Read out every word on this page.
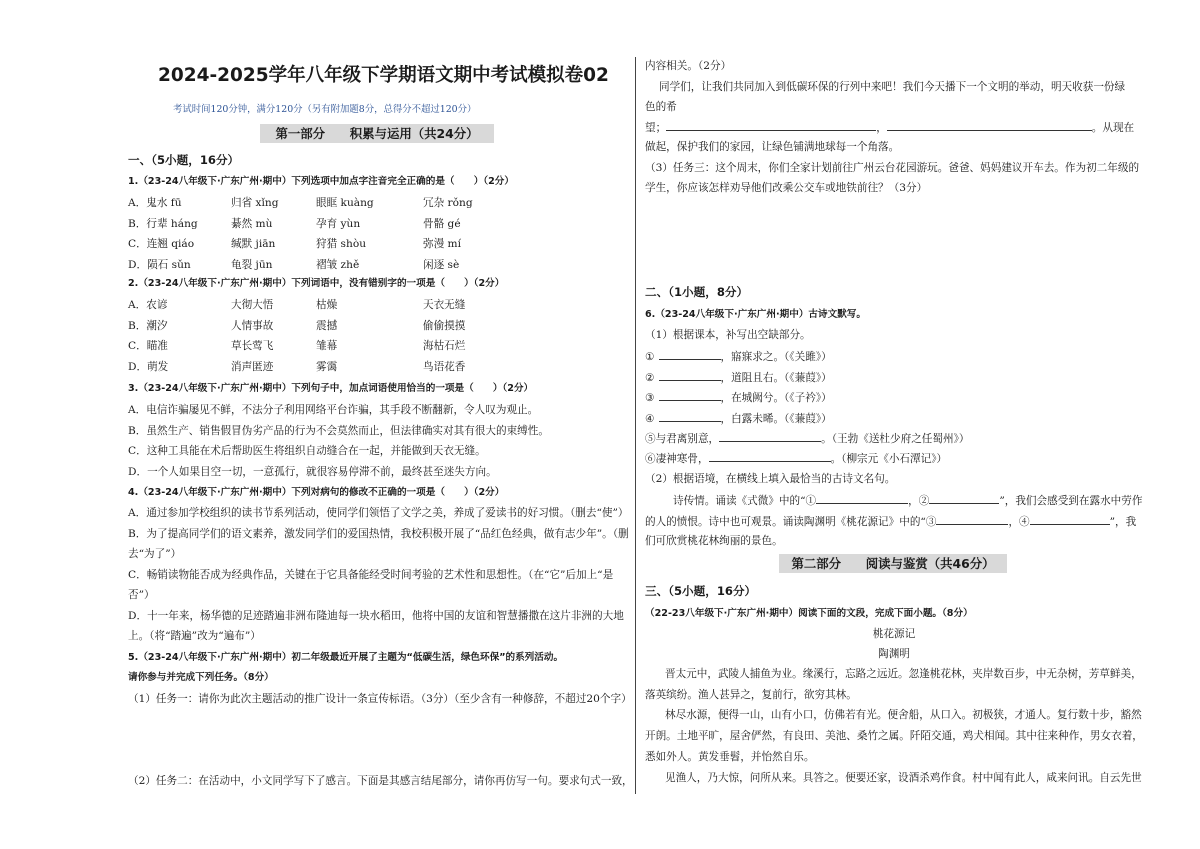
2024-2025学年八年级下学期语文期中考试模拟卷02
考试时间120分钟，满分120分（另有附加题8分，总得分不超过120分）
第一部分　　积累与运用（共24分）
一、（5小题，16分）
1.（23-24八年级下·广东广州·期中）下列选项中加点字注音完全正确的是（　　）（2分）
A．鬼水 fū	归省 xǐng	眼眶 kuàng	冗杂 rǒng
B．行辈 háng	綦然 mù	孕育 yùn	骨骼 gé
C．连翘 qiáo	缄默 jiān	狩猎 shòu	弥漫 mí
D．陨石 sǔn	龟裂 jūn	褶皱 zhě	闲逐 sè
2.（23-24八年级下·广东广州·期中）下列词语中，没有错别字的一项是（　　）（2分）
A．农谚	大彻大悟	枯燥	天衣无缝
B．潮汐	人情事故	震撼	偷偷摸摸
C．瞄准	草长莺飞	雏幕	海枯石烂
D．萌发	消声匿迹	雾霭	鸟语花香
3.（23-24八年级下·广东广州·期中）下列句子中，加点词语使用恰当的一项是（　　）（2分）
A．电信诈骗屡见不鲜，不法分子利用网络平台诈骗，其手段不断翻新，令人叹为观止。
B．虽然生产、销售假冒伪劣产品的行为不会莫然而止，但法律确实对其有很大的束缚性。
C．这种工具能在术后帮助医生将组织自动缝合在一起，并能做到天衣无缝。
D．一个人如果目空一切，一意孤行，就很容易停滞不前，最终甚至迷失方向。
4.（23-24八年级下·广东广州·期中）下列对病句的修改不正确的一项是（　　）（2分）
A．通过参加学校组织的读书节系列活动，使同学们领悟了文学之美，养成了爱读书的好习惯。（删去“使”）
B．为了提高同学们的语文素养，激发同学们的爱国热情，我校积极开展了“品红色经典，做有志少年”。（删
去“为了”）
C．畅销读物能否成为经典作品，关键在于它具备能经受时间考验的艺术性和思想性。（在“它”后加上“是
否”）
D．十一年来，杨华德的足迹踏遍非洲布隆迪每一块水稻田，他将中国的友谊和智慧播撒在这片非洲的大地
上。（将“踏遍”改为“遍布”）
5.（23-24八年级下·广东广州·期中）初二年级最近开展了主题为“低碳生活，绿色环保”的系列活动。
请你参与并完成下列任务。（8分）
（1）任务一：请你为此次主题活动的推广设计一条宣传标语。（3分）（至少含有一种修辞，不超过20个字）
（2）任务二：在活动中，小文同学写下了感言。下面是其感言结尾部分，请你再仿写一句。要求句式一致，
内容相关。（2分）
同学们，让我们共同加入到低碳环保的行列中来吧！我们今天播下一个文明的举动，明天收获一份绿
色的希
望；	，	。从现在
做起，保护我们的家园，让绿色铺满地球每一个角落。
（3）任务三：这个周末，你们全家计划前往广州云台花园游玩。爸爸、妈妈建议开车去。作为初二年级的
学生，你应该怎样劝导他们改乘公交车或地铁前往？（3分）
二、（1小题，8分）
6.（23-24八年级下·广东广州·期中）古诗文默写。
（1）根据课本，补写出空缺部分。
①	，寤寐求之。（《关雎》）
②	，道阻且右。（《蒹葭》）
③	，在城阙兮。（《子衿》）
④	，白露未晞。（《蒹葭》）
⑤与君离别意，	。（王勃《送杜少府之任蜀州》）
⑥凄神寒骨，	。（柳宗元《小石潭记》）
（2）根据语境，在横线上填入最恰当的古诗文名句。
诗传情。诵读《式微》中的“①	，②	”，我们会感受到在露水中劳作
的人的愤恨。诗中也可观景。诵读陶渊明《桃花源记》中的“③	，④	”，我
们可欣赏桃花林绚丽的景色。
第二部分　　阅读与鉴赏（共46分）
三、（5小题，16分）
（22-23八年级下·广东广州·期中）阅读下面的文段，完成下面小题。（8分）
桃花源记
陶渊明
晋太元中，武陵人捕鱼为业。缘溪行，忘路之远近。忽逢桃花林，夹岸数百步，中无杂树，芳草鲜美，
落英缤纷。渔人甚异之，复前行，欲穷其林。
林尽水源，便得一山，山有小口，仿佛若有光。便舍船，从口入。初极狭，才通人。复行数十步，豁然
开朗。土地平旷，屋舍俨然，有良田、美池、桑竹之属。阡陌交通，鸡犬相闻。其中往来种作，男女衣着，
悉如外人。黄发垂髫，并怡然自乐。
见渔人，乃大惊，问所从来。具答之。便要还家，设酒杀鸡作食。村中闻有此人，咸来问讯。自云先世
